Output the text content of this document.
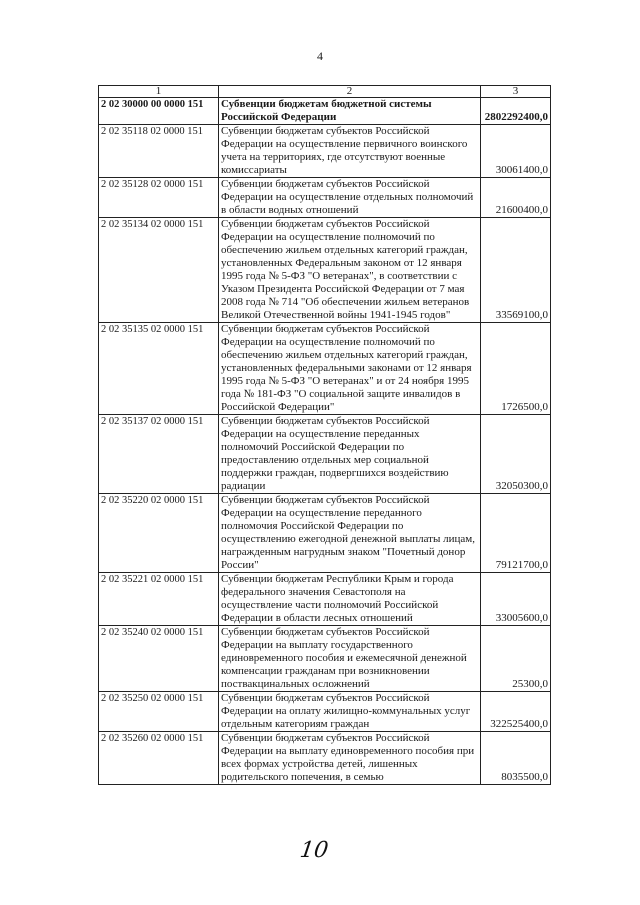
4
1	2	3
2 02 30000 00 0000 151	Субвенции бюджетам бюджетной системы Российской Федерации	2802292400,0
2 02 35118 02 0000 151	Субвенции бюджетам субъектов Российской Федерации на осуществление первичного воинского учета на территориях, где отсутствуют военные комиссариаты	30061400,0
2 02 35128 02 0000 151	Субвенции бюджетам субъектов Российской Федерации на осуществление отдельных полномочий в области водных отношений	21600400,0
2 02 35134 02 0000 151	Субвенции бюджетам субъектов Российской Федерации на осуществление полномочий по обеспечению жильем отдельных категорий граждан, установленных Федеральным законом от 12 января 1995 года № 5-ФЗ "О ветеранах", в соответствии с Указом Президента Российской Федерации от 7 мая 2008 года № 714 "Об обеспечении жильем ветеранов Великой Отечественной войны 1941-1945 годов"	33569100,0
2 02 35135 02 0000 151	Субвенции бюджетам субъектов Российской Федерации на осуществление полномочий по обеспечению жильем отдельных категорий граждан, установленных федеральными законами от 12 января 1995 года № 5-ФЗ "О ветеранах" и от 24 ноября 1995 года № 181-ФЗ "О социальной защите инвалидов в Российской Федерации"	1726500,0
2 02 35137 02 0000 151	Субвенции бюджетам субъектов Российской Федерации на осуществление переданных полномочий Российской Федерации по предоставлению отдельных мер социальной поддержки граждан, подвергшихся воздействию радиации	32050300,0
2 02 35220 02 0000 151	Субвенции бюджетам субъектов Российской Федерации на осуществление переданного полномочия Российской Федерации по осуществлению ежегодной денежной выплаты лицам, награжденным нагрудным знаком "Почетный донор России"	79121700,0
2 02 35221 02 0000 151	Субвенции бюджетам Республики Крым и города федерального значения Севастополя на осуществление части полномочий Российской Федерации в области лесных отношений	33005600,0
2 02 35240 02 0000 151	Субвенции бюджетам субъектов Российской Федерации на выплату государственного единовременного пособия и ежемесячной денежной компенсации гражданам при возникновении поствакцинальных осложнений	25300,0
2 02 35250 02 0000 151	Субвенции бюджетам субъектов Российской Федерации на оплату жилищно-коммунальных услуг отдельным категориям граждан	322525400,0
2 02 35260 02 0000 151	Субвенции бюджетам субъектов Российской Федерации на выплату единовременного пособия при всех формах устройства детей, лишенных родительского попечения, в семью	8035500,0
10
